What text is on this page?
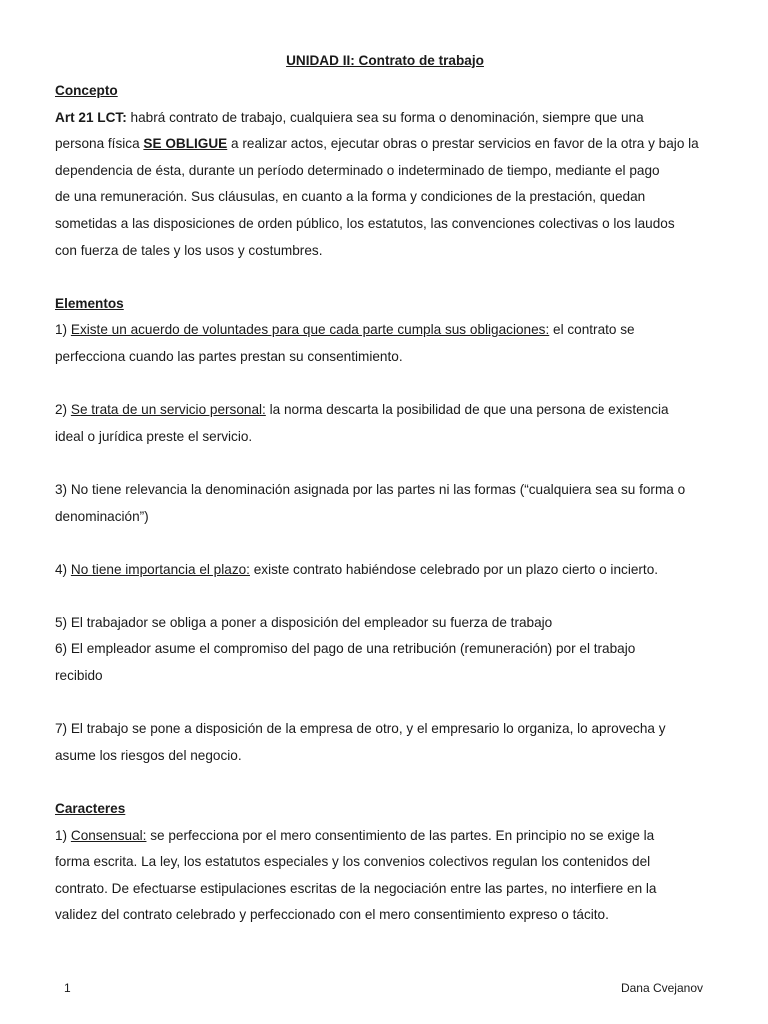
UNIDAD II: Contrato de trabajo

Concepto

Art 21 LCT: habrá contrato de trabajo, cualquiera sea su forma o denominación, siempre que una

persona física SE OBLIGUE a realizar actos, ejecutar obras o prestar servicios en favor de la otra y bajo la

dependencia de ésta, durante un período determinado o indeterminado de tiempo, mediante el pago

de una remuneración. Sus cláusulas, en cuanto a la forma y condiciones de la prestación, quedan

sometidas a las disposiciones de orden público, los estatutos, las convenciones colectivas o los laudos

con fuerza de tales y los usos y costumbres.

Elementos

1) Existe un acuerdo de voluntades para que cada parte cumpla sus obligaciones: el contrato se

perfecciona cuando las partes prestan su consentimiento.

2) Se trata de un servicio personal: la norma descarta la posibilidad de que una persona de existencia

ideal o jurídica preste el servicio.

3) No tiene relevancia la denominación asignada por las partes ni las formas (“cualquiera sea su forma o

denominación”)

4) No tiene importancia el plazo: existe contrato habiéndose celebrado por un plazo cierto o incierto.

5) El trabajador se obliga a poner a disposición del empleador su fuerza de trabajo

6) El empleador asume el compromiso del pago de una retribución (remuneración) por el trabajo

recibido

7) El trabajo se pone a disposición de la empresa de otro, y el empresario lo organiza, lo aprovecha y

asume los riesgos del negocio.

Caracteres

1) Consensual: se perfecciona por el mero consentimiento de las partes. En principio no se exige la

forma escrita. La ley, los estatutos especiales y los convenios colectivos regulan los contenidos del

contrato. De efectuarse estipulaciones escritas de la negociación entre las partes, no interfiere en la

validez del contrato celebrado y perfeccionado con el mero consentimiento expreso o tácito.

1	Dana Cvejanov
